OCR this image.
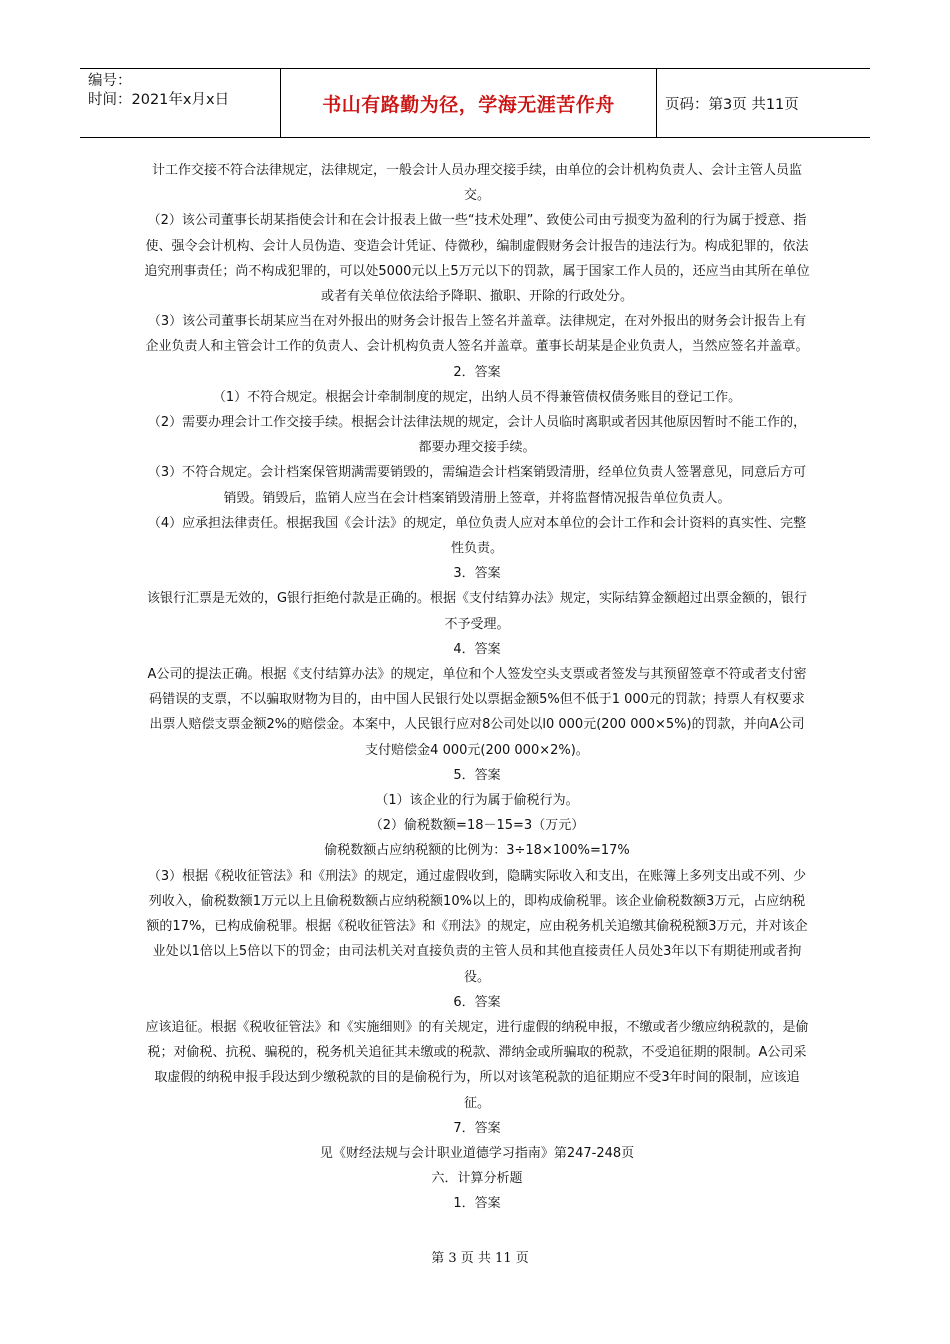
编号：
时间：2021年x月x日	书山有路勤为径，学海无涯苦作舟	页码：第3页 共11页

计工作交接不符合法律规定，法律规定，一般会计人员办理交接手续，由单位的会计机构负责人、会计主管人员监交。

（2）该公司董事长胡某指使会计和在会计报表上做一些“技术处理”、致使公司由亏损变为盈利的行为属于授意、指使、强令会计机构、会计人员伪造、变造会计凭证、侍微秒，编制虚假财务会计报告的违法行为。构成犯罪的，依法追究刑事责任；尚不构成犯罪的，可以处5000元以上5万元以下的罚款，属于国家工作人员的，还应当由其所在单位或者有关单位依法给予降职、撤职、开除的行政处分。

（3）该公司董事长胡某应当在对外报出的财务会计报告上签名并盖章。法律规定，在对外报出的财务会计报告上有企业负责人和主管会计工作的负责人、会计机构负责人签名并盖章。董事长胡某是企业负责人，当然应签名并盖章。

2．答案

（1）不符合规定。根据会计牵制制度的规定，出纳人员不得兼管债权债务账目的登记工作。

（2）需要办理会计工作交接手续。根据会计法律法规的规定，会计人员临时离职或者因其他原因暂时不能工作的，都要办理交接手续。

（3）不符合规定。会计档案保管期满需要销毁的，需编造会计档案销毁清册，经单位负责人签署意见，同意后方可销毁。销毁后，监销人应当在会计档案销毁清册上签章，并将监督情况报告单位负责人。

（4）应承担法律责任。根据我国《会计法》的规定，单位负责人应对本单位的会计工作和会计资料的真实性、完整性负责。

3．答案

该银行汇票是无效的，G银行拒绝付款是正确的。根据《支付结算办法》规定，实际结算金额超过出票金额的，银行不予受理。

4．答案

A公司的提法正确。根据《支付结算办法》的规定，单位和个人签发空头支票或者签发与其预留签章不符或者支付密码错误的支票，不以骗取财物为目的，由中国人民银行处以票据金额5%但不低于1 000元的罚款；持票人有权要求出票人赔偿支票金额2%的赔偿金。本案中，人民银行应对8公司处以l0 000元(200 000×5%)的罚款，并向A公司支付赔偿金4 000元(200 000×2%)。

5．答案

（1）该企业的行为属于偷税行为。

（2）偷税数额=18－15=3（万元）

偷税数额占应纳税额的比例为：3÷18×100%=17%

（3）根据《税收征管法》和《刑法》的规定，通过虚假收到，隐瞒实际收入和支出，在账簿上多列支出或不列、少列收入，偷税数额1万元以上且偷税数额占应纳税额10%以上的，即构成偷税罪。该企业偷税数额3万元，占应纳税额的17%，已构成偷税罪。根据《税收征管法》和《刑法》的规定，应由税务机关追缴其偷税税额3万元，并对该企业处以1倍以上5倍以下的罚金；由司法机关对直接负责的主管人员和其他直接责任人员处3年以下有期徒刑或者拘役。

6．答案

应该追征。根据《税收征管法》和《实施细则》的有关规定，进行虚假的纳税申报，不缴或者少缴应纳税款的，是偷税；对偷税、抗税、骗税的，税务机关追征其未缴或的税款、滞纳金或所骗取的税款，不受追征期的限制。A公司采取虚假的纳税申报手段达到少缴税款的目的是偷税行为，所以对该笔税款的追征期应不受3年时间的限制，应该追征。

7．答案

见《财经法规与会计职业道德学习指南》第247-248页

六．计算分析题

1．答案

第 3 页 共 11 页
